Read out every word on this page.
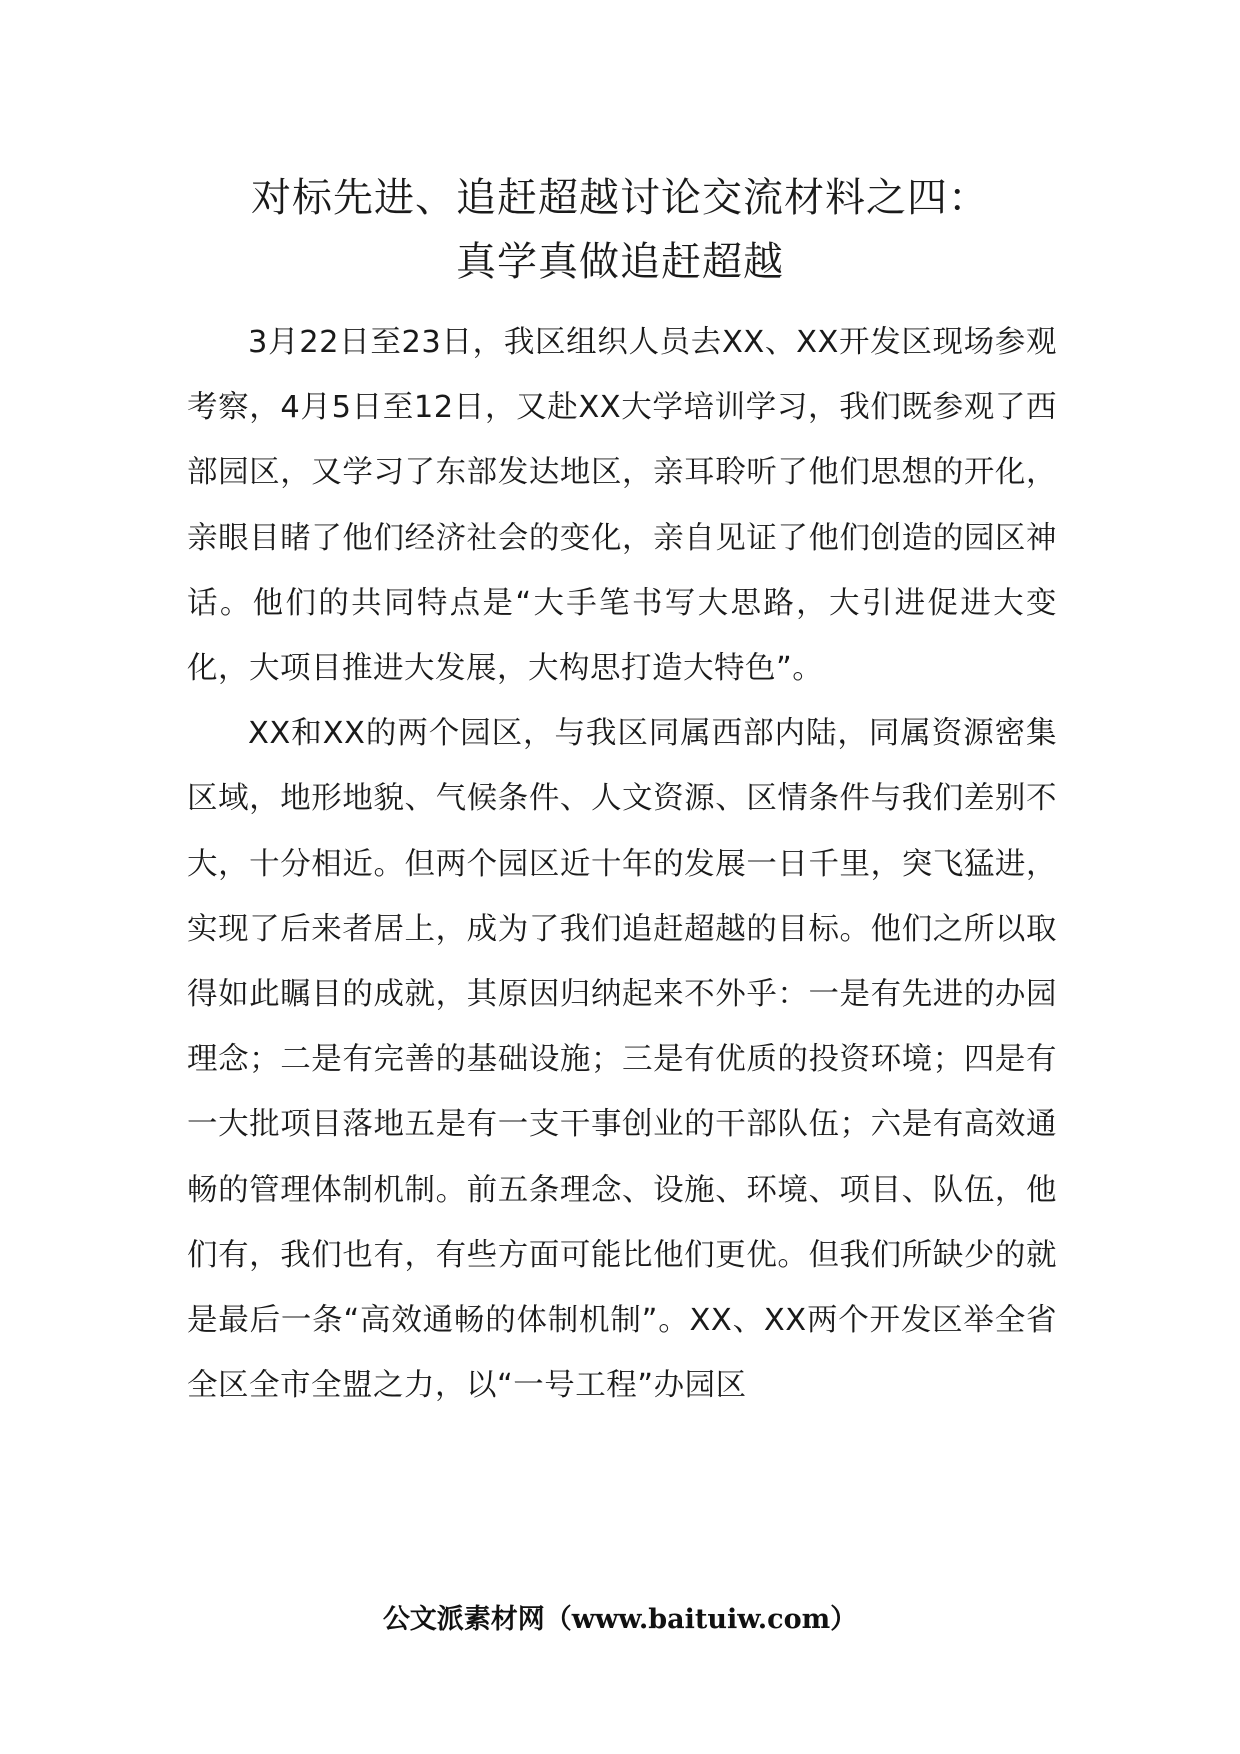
对标先进、追赶超越讨论交流材料之四：
真学真做追赶超越

3月22日至23日，我区组织人员去XX、XX开发区现场参观考察，4月5日至12日，又赴XX大学培训学习，我们既参观了西部园区，又学习了东部发达地区，亲耳聆听了他们思想的开化，亲眼目睹了他们经济社会的变化，亲自见证了他们创造的园区神话。他们的共同特点是“大手笔书写大思路，大引进促进大变化，大项目推进大发展，大构思打造大特色”。

XX和XX的两个园区，与我区同属西部内陆，同属资源密集区域，地形地貌、气候条件、人文资源、区情条件与我们差别不大，十分相近。但两个园区近十年的发展一日千里，突飞猛进，实现了后来者居上，成为了我们追赶超越的目标。他们之所以取得如此瞩目的成就，其原因归纳起来不外乎：一是有先进的办园理念；二是有完善的基础设施；三是有优质的投资环境；四是有一大批项目落地五是有一支干事创业的干部队伍；六是有高效通畅的管理体制机制。前五条理念、设施、环境、项目、队伍，他们有，我们也有，有些方面可能比他们更优。但我们所缺少的就是最后一条“高效通畅的体制机制”。XX、XX两个开发区举全省全区全市全盟之力，以“一号工程”办园区

公文派素材网（www.baituiw.com）
